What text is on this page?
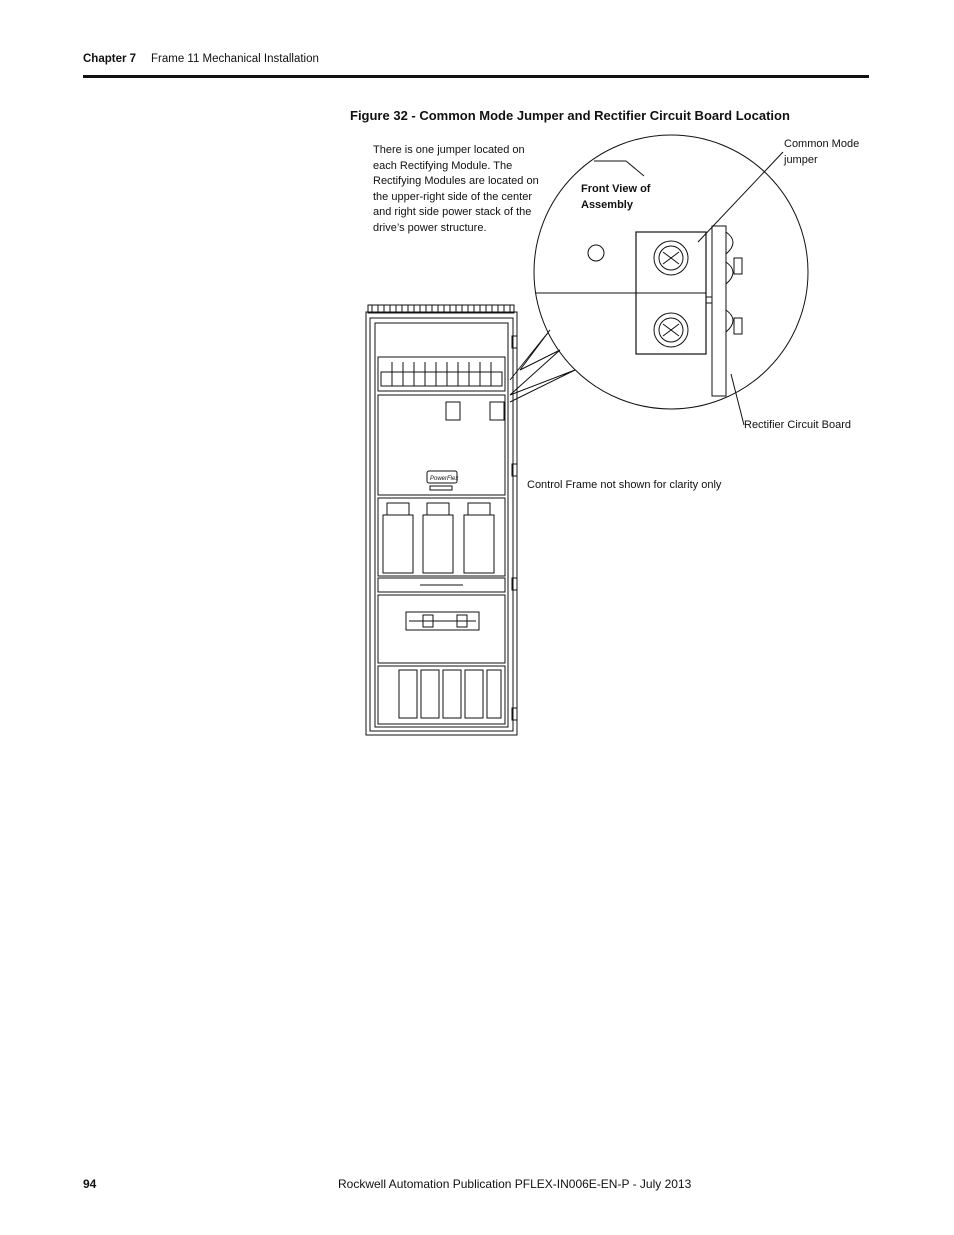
Chapter 7 Frame 11 Mechanical Installation
Figure 32 - Common Mode Jumper and Rectifier Circuit Board Location
There is one jumper located on each Rectifying Module. The Rectifying Modules are located on the upper-right side of the center and right side power stack of the drive’s power structure.
PowerFlex
Common Mode jumper
Front View of Assembly
Rectifier Circuit Board
Control Frame not shown for clarity only
94	Rockwell Automation Publication PFLEX-IN006E-EN-P - July 2013
